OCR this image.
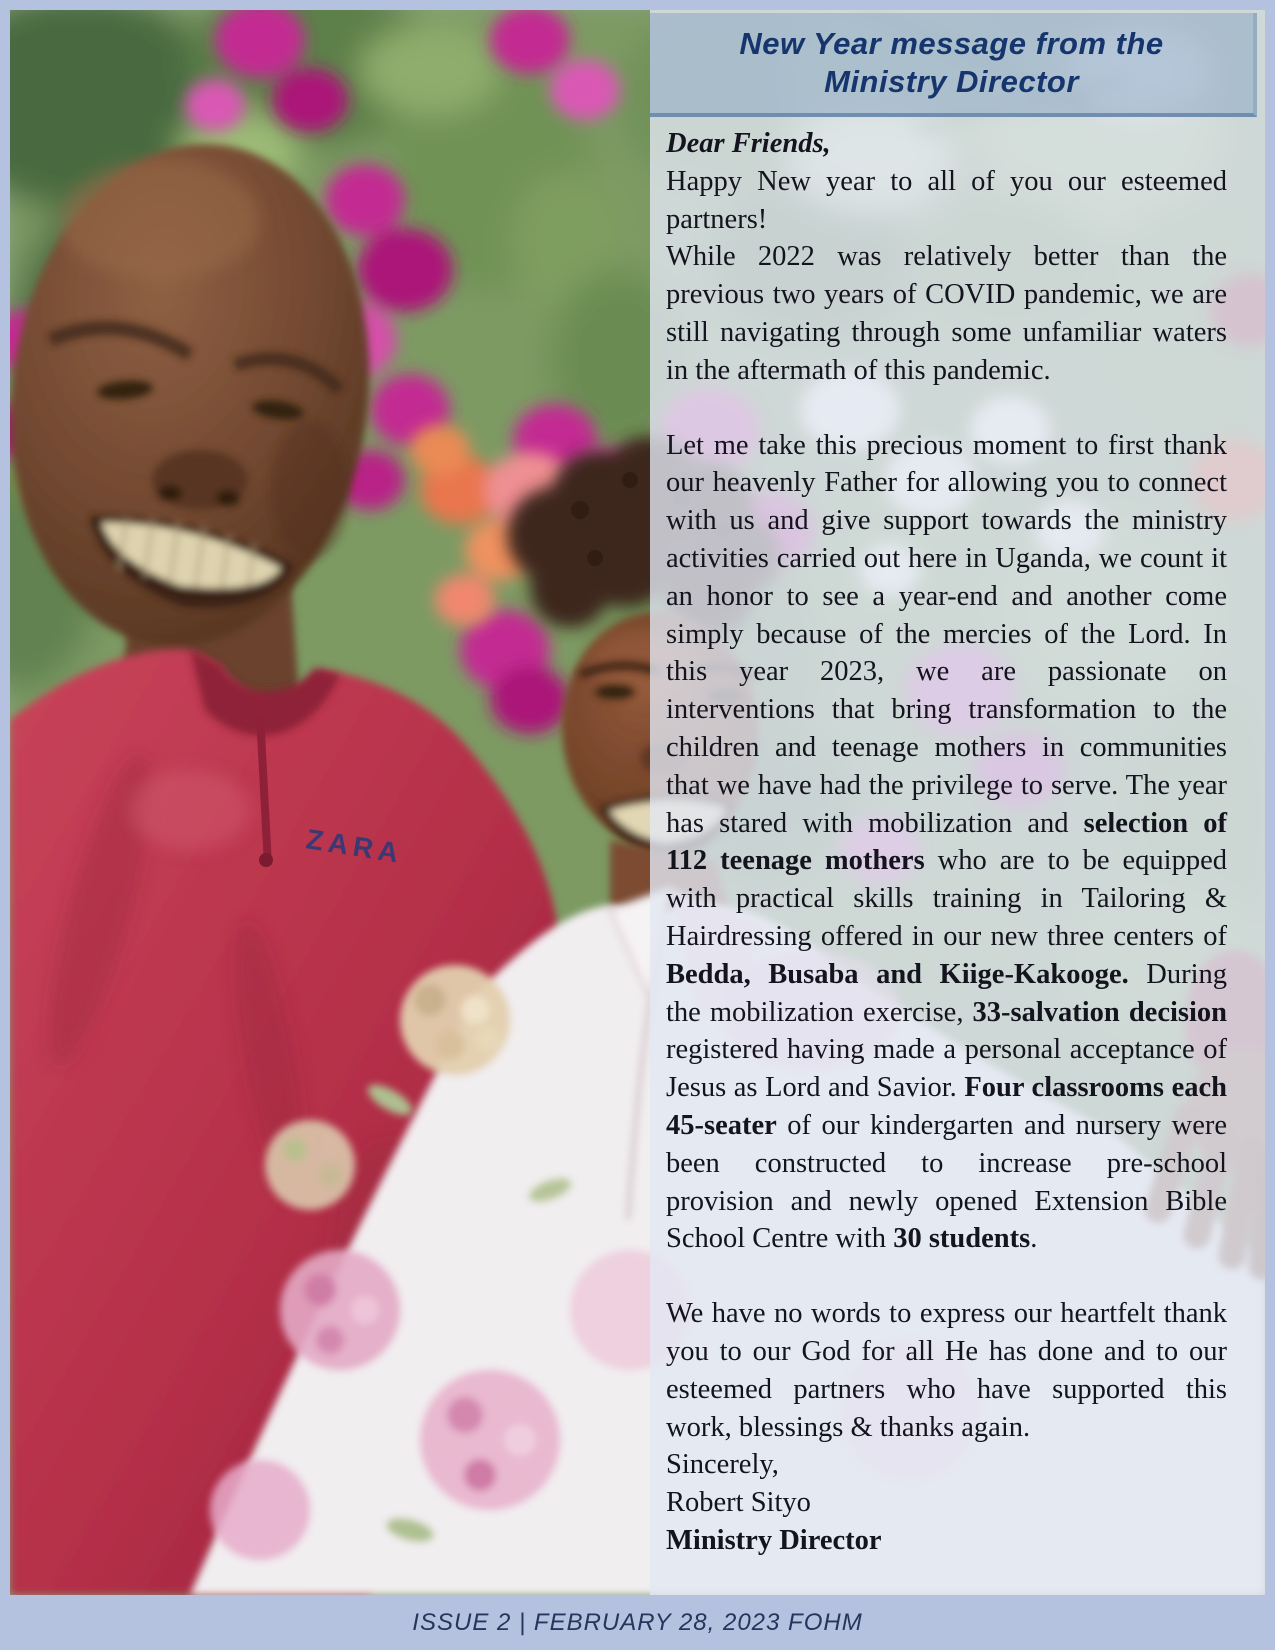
ZARA
New Year message from the
Ministry Director

Dear Friends,

Happy New year to all of you our esteemed partners!

While 2022 was relatively better than the previous two years of COVID pandemic, we are still navigating through some unfamiliar waters in the aftermath of this pandemic.

Let me take this precious moment to first thank our heavenly Father for allowing you to connect with us and give support towards the ministry activities carried out here in Uganda, we count it an honor to see a year-end and another come simply because of the mercies of the Lord. In this year 2023, we are passionate on interventions that bring transformation to the children and teenage mothers in communities that we have had the privilege to serve. The year has stared with mobilization and selection of 112 teenage mothers who are to be equipped with practical skills training in Tailoring & Hairdressing offered in our new three centers of Bedda, Busaba and Kiige-Kakooge. During the mobilization exercise, 33-salvation decision registered having made a personal acceptance of Jesus as Lord and Savior. Four classrooms each 45-seater of our kindergarten and nursery were been constructed to increase pre-school provision and newly opened Extension Bible School Centre with 30 students.

We have no words to express our heartfelt thank you to our God for all He has done and to our esteemed partners who have supported this work, blessings & thanks again.

Sincerely,

Robert Sityo

Ministry Director

ISSUE 2 | FEBRUARY 28, 2023 FOHM
